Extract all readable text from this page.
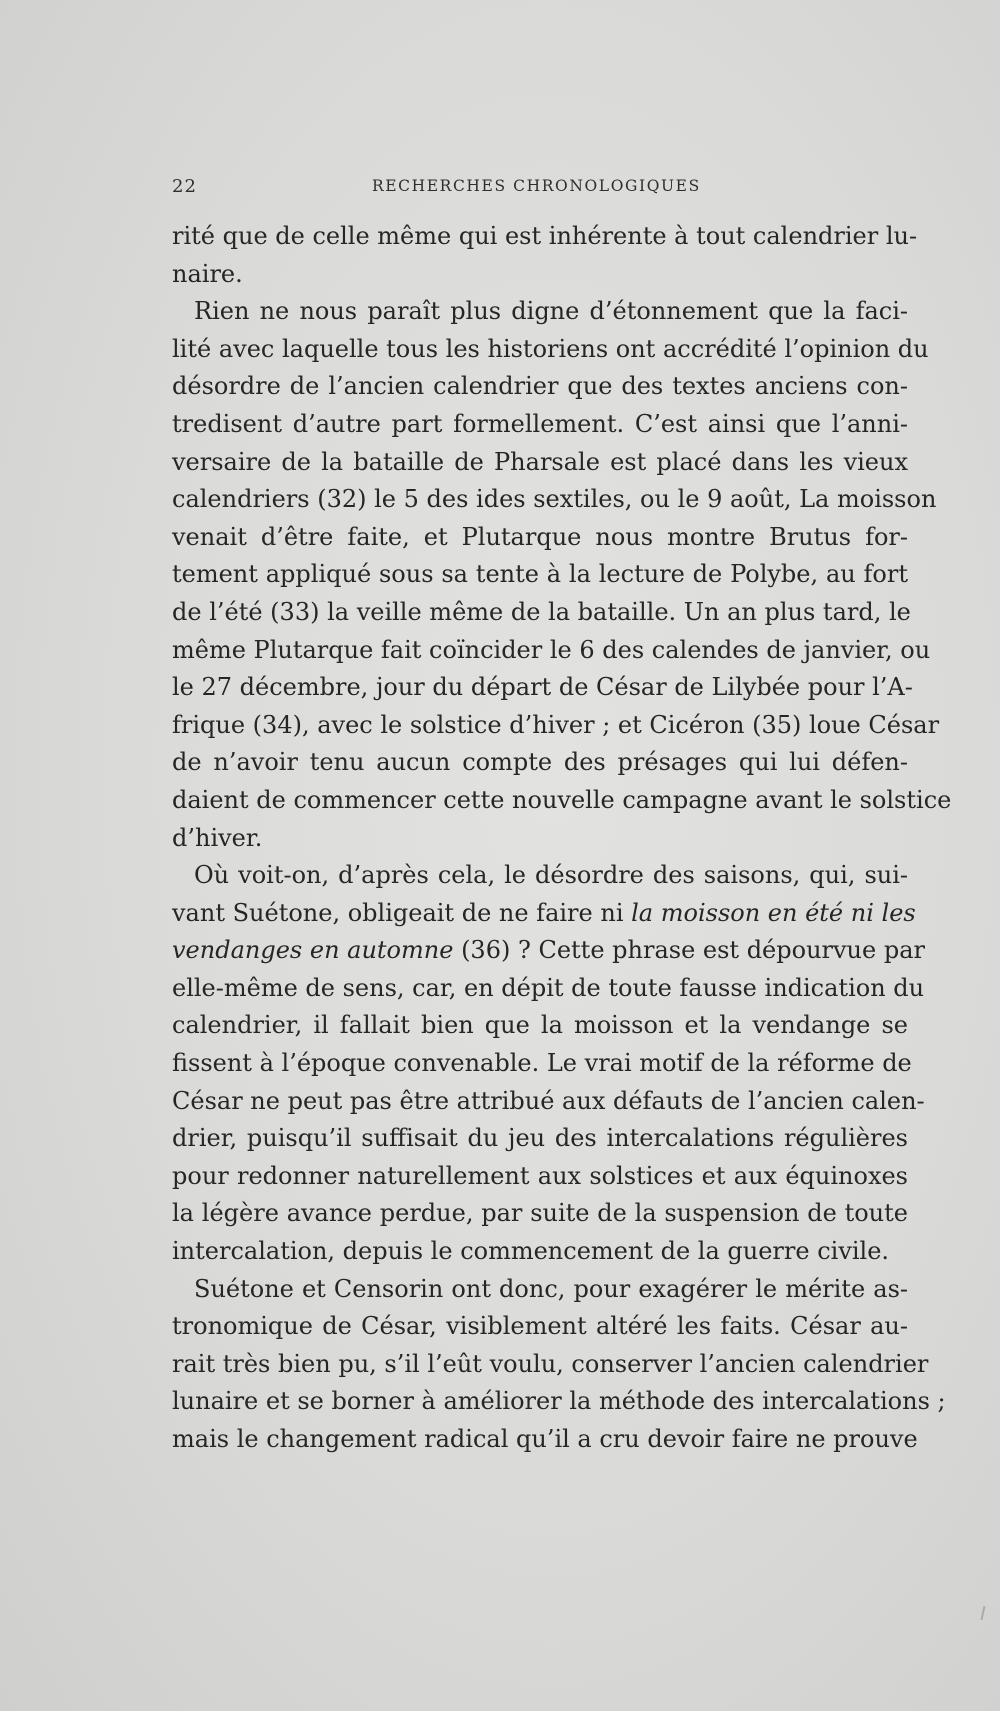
22	RECHERCHES CHRONOLOGIQUES

rité que de celle même qui est inhérente à tout calendrier lu-
naire.

Rien ne nous paraît plus digne d’étonnement que la faci-
lité avec laquelle tous les historiens ont accrédité l’opinion du
désordre de l’ancien calendrier que des textes anciens con-
tredisent d’autre part formellement. C’est ainsi que l’anni-
versaire de la bataille de Pharsale est placé dans les vieux
calendriers (32) le 5 des ides sextiles, ou le 9 août, La moisson
venait d’être faite, et Plutarque nous montre Brutus for-
tement appliqué sous sa tente à la lecture de Polybe, au fort
de l’été (33) la veille même de la bataille. Un an plus tard, le
même Plutarque fait coïncider le 6 des calendes de janvier, ou
le 27 décembre, jour du départ de César de Lilybée pour l’A-
frique (34), avec le solstice d’hiver ; et Cicéron (35) loue César
de n’avoir tenu aucun compte des présages qui lui défen-
daient de commencer cette nouvelle campagne avant le solstice
d’hiver.

Où voit-on, d’après cela, le désordre des saisons, qui, sui-
vant Suétone, obligeait de ne faire ni la moisson en été ni les
vendanges en automne (36) ? Cette phrase est dépourvue par
elle-même de sens, car, en dépit de toute fausse indication du
calendrier, il fallait bien que la moisson et la vendange se
fissent à l’époque convenable. Le vrai motif de la réforme de
César ne peut pas être attribué aux défauts de l’ancien calen-
drier, puisqu’il suffisait du jeu des intercalations régulières
pour redonner naturellement aux solstices et aux équinoxes
la légère avance perdue, par suite de la suspension de toute
intercalation, depuis le commencement de la guerre civile.

Suétone et Censorin ont donc, pour exagérer le mérite as-
tronomique de César, visiblement altéré les faits. César au-
rait très bien pu, s’il l’eût voulu, conserver l’ancien calendrier
lunaire et se borner à améliorer la méthode des intercalations ;
mais le changement radical qu’il a cru devoir faire ne prouve
